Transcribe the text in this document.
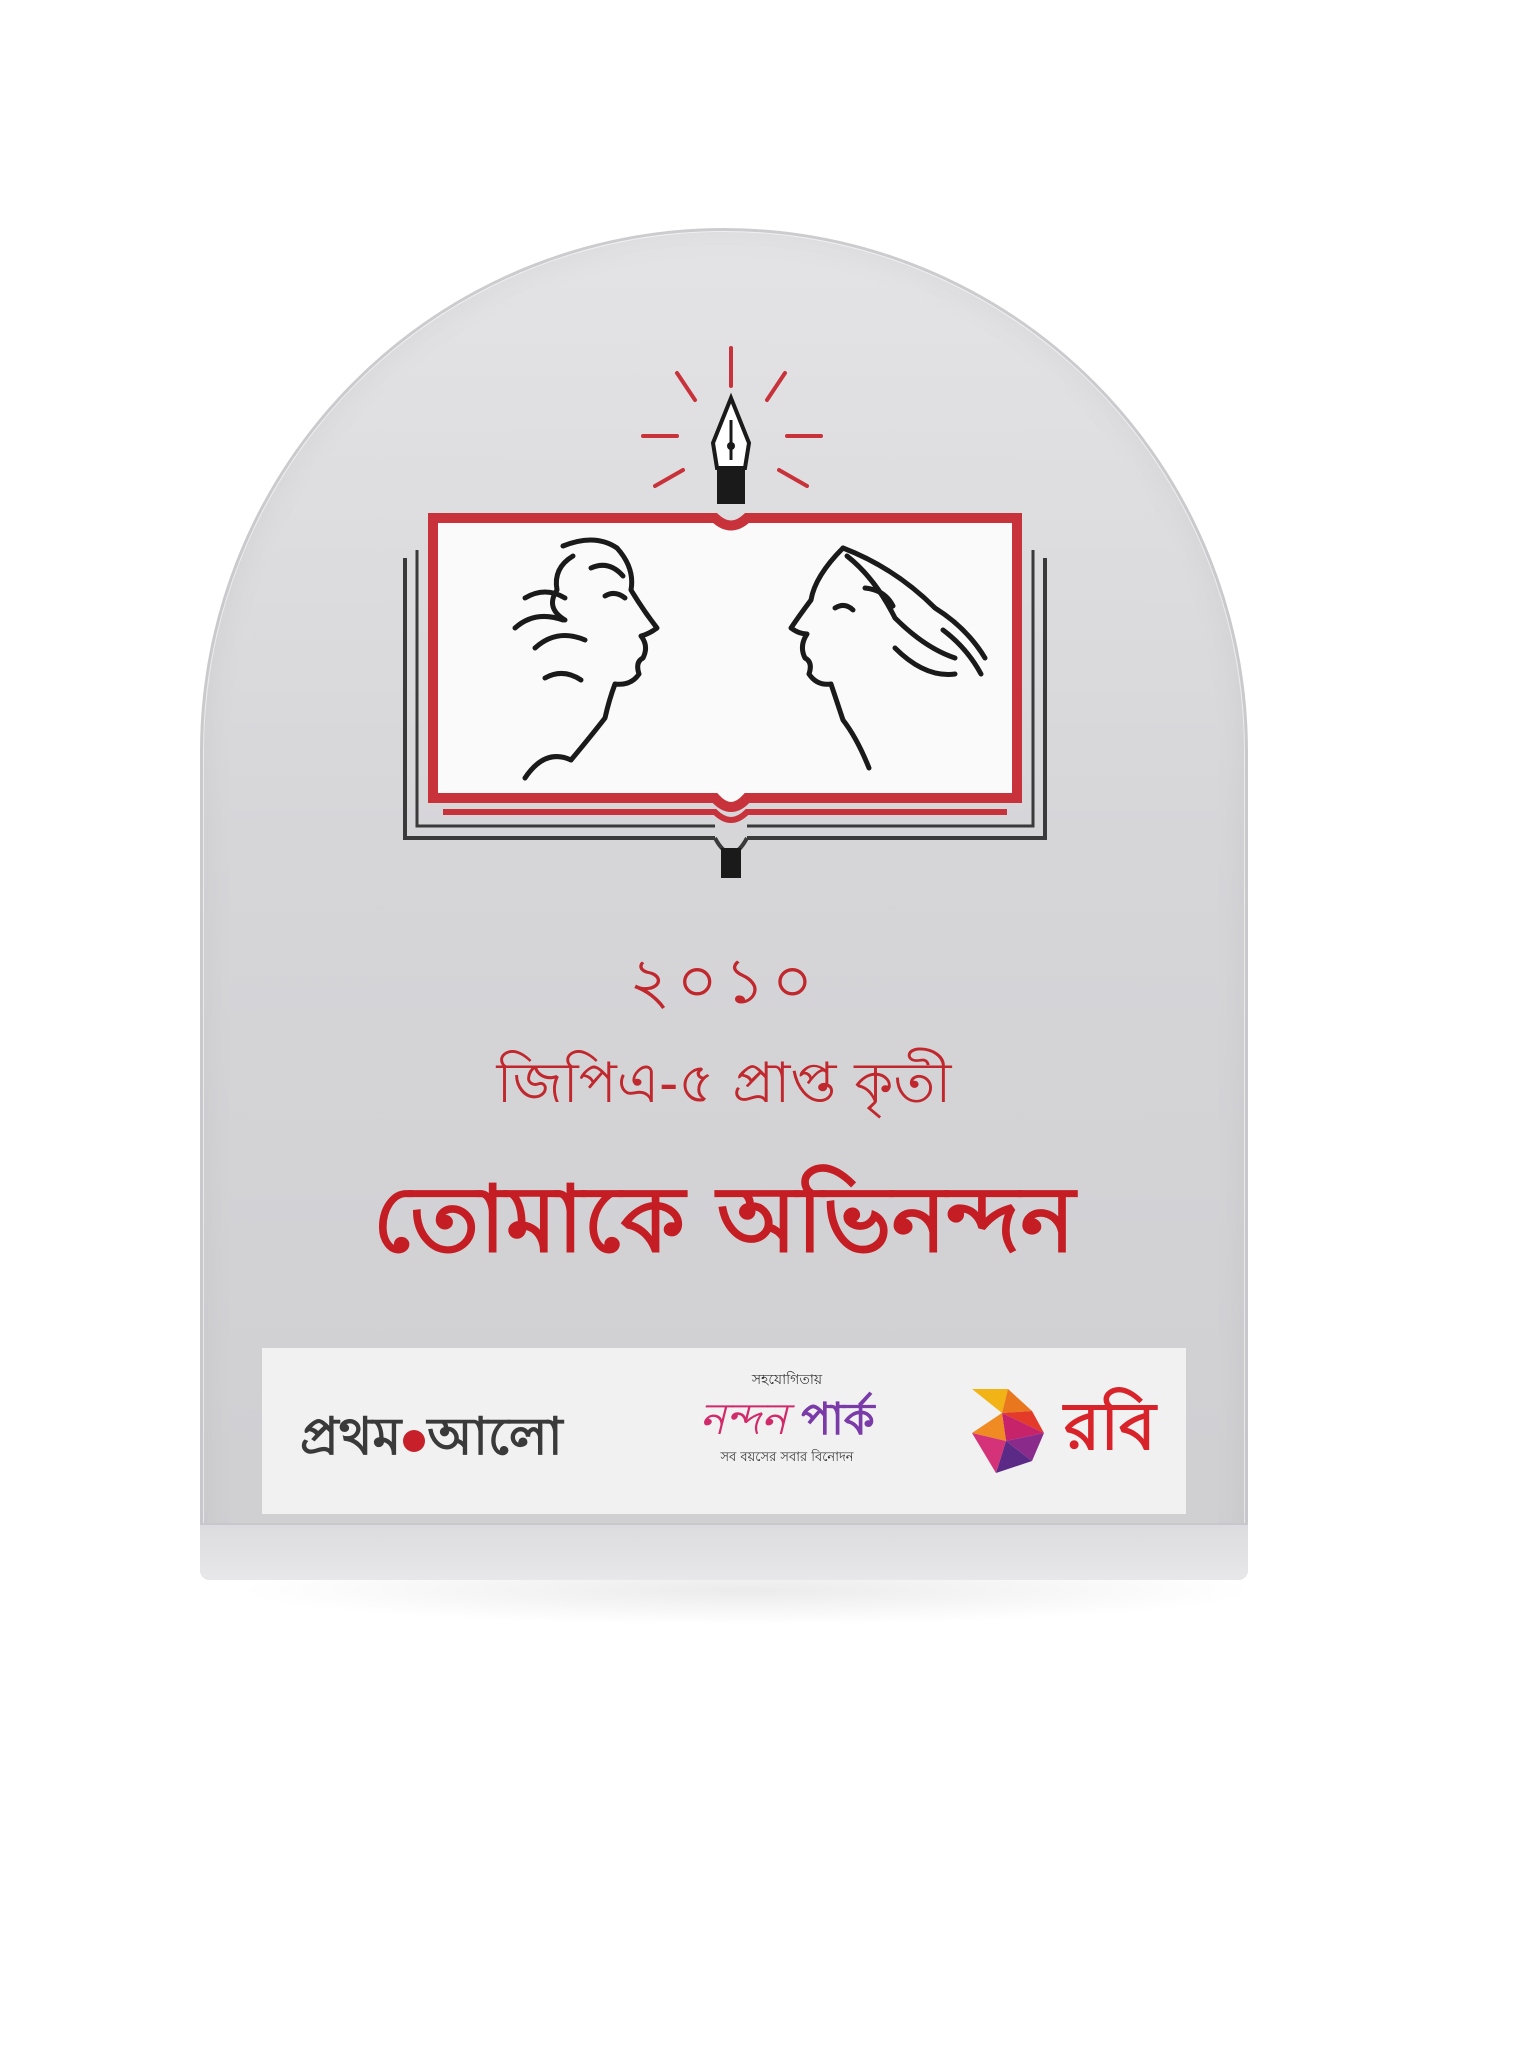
২০১০
জিপিএ-৫ প্রাপ্ত কৃতী
তোমাকে অভিনন্দন
প্রথম আলো
সহযোগিতায়
নন্দন পার্ক
সব বয়সের সবার বিনোদন	রবি
